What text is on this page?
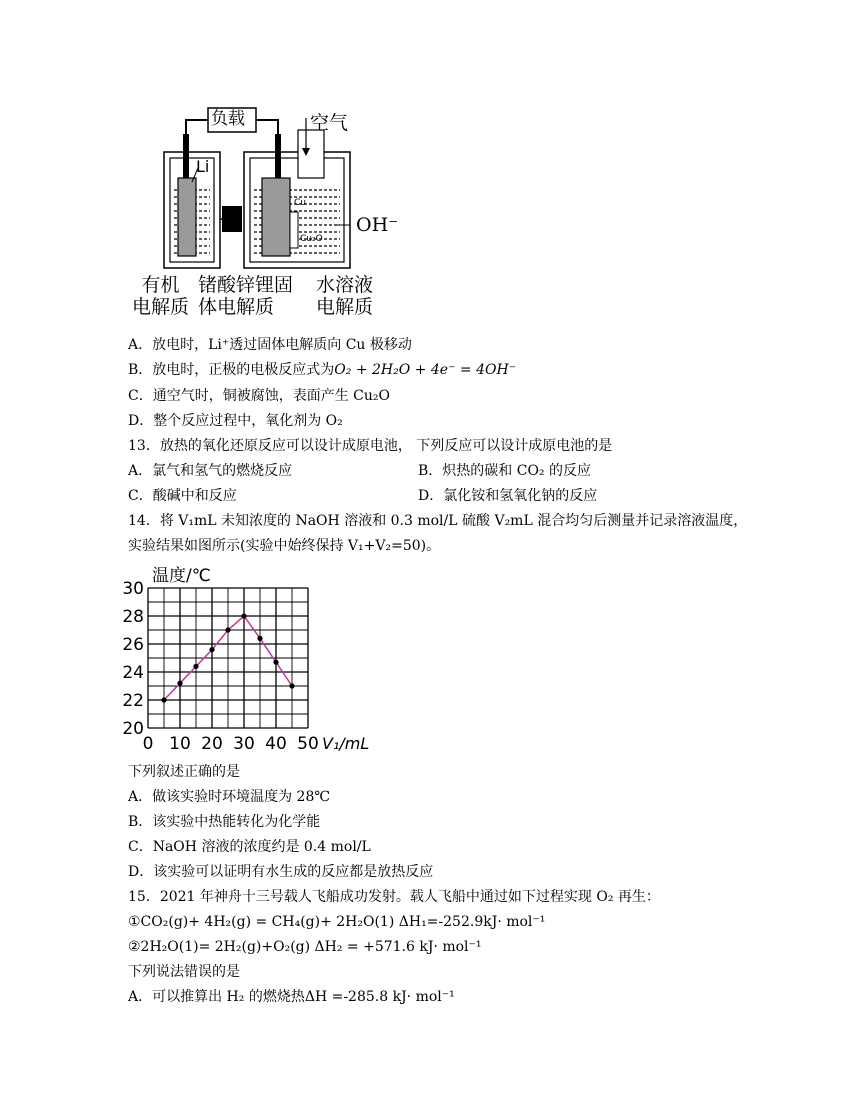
负载	空气
Li
Cu
Cu₂O
OH⁻
有机
电解质
锗酸锌锂固
体电解质
水溶液
电解质
A．放电时，Li⁺透过固体电解质向 Cu 极移动
B．放电时，正极的电极反应式为O₂ + 2H₂O + 4e⁻ = 4OH⁻
C．通空气时，铜被腐蚀，表面产生 Cu₂O
D．整个反应过程中，氧化剂为 O₂
13．放热的氧化还原反应可以设计成原电池， 下列反应可以设计成原电池的是
A．氯气和氢气的燃烧反应	B．炽热的碳和 CO₂ 的反应
C．酸碱中和反应	D．氯化铵和氢氧化钠的反应
14．将 V₁mL 未知浓度的 NaOH 溶液和 0.3 mol/L 硫酸 V₂mL 混合均匀后测量并记录溶液温度，
实验结果如图所示(实验中始终保持 V₁+V₂=50)。
0 10 20 30 40 50
20
22
24
26
28
30
温度/℃
V₁/mL
下列叙述正确的是
A．做该实验时环境温度为 28℃
B．该实验中热能转化为化学能
C．NaOH 溶液的浓度约是 0.4 mol/L
D．该实验可以证明有水生成的反应都是放热反应
15．2021 年神舟十三号载人飞船成功发射。载人飞船中通过如下过程实现 O₂ 再生：
①CO₂(g)+ 4H₂(g) = CH₄(g)+ 2H₂O(1) ΔH₁=-252.9kJ· mol⁻¹
②2H₂O(1)= 2H₂(g)+O₂(g) ΔH₂ = +571.6 kJ· mol⁻¹
下列说法错误的是
A．可以推算出 H₂ 的燃烧热ΔH =-285.8 kJ· mol⁻¹
